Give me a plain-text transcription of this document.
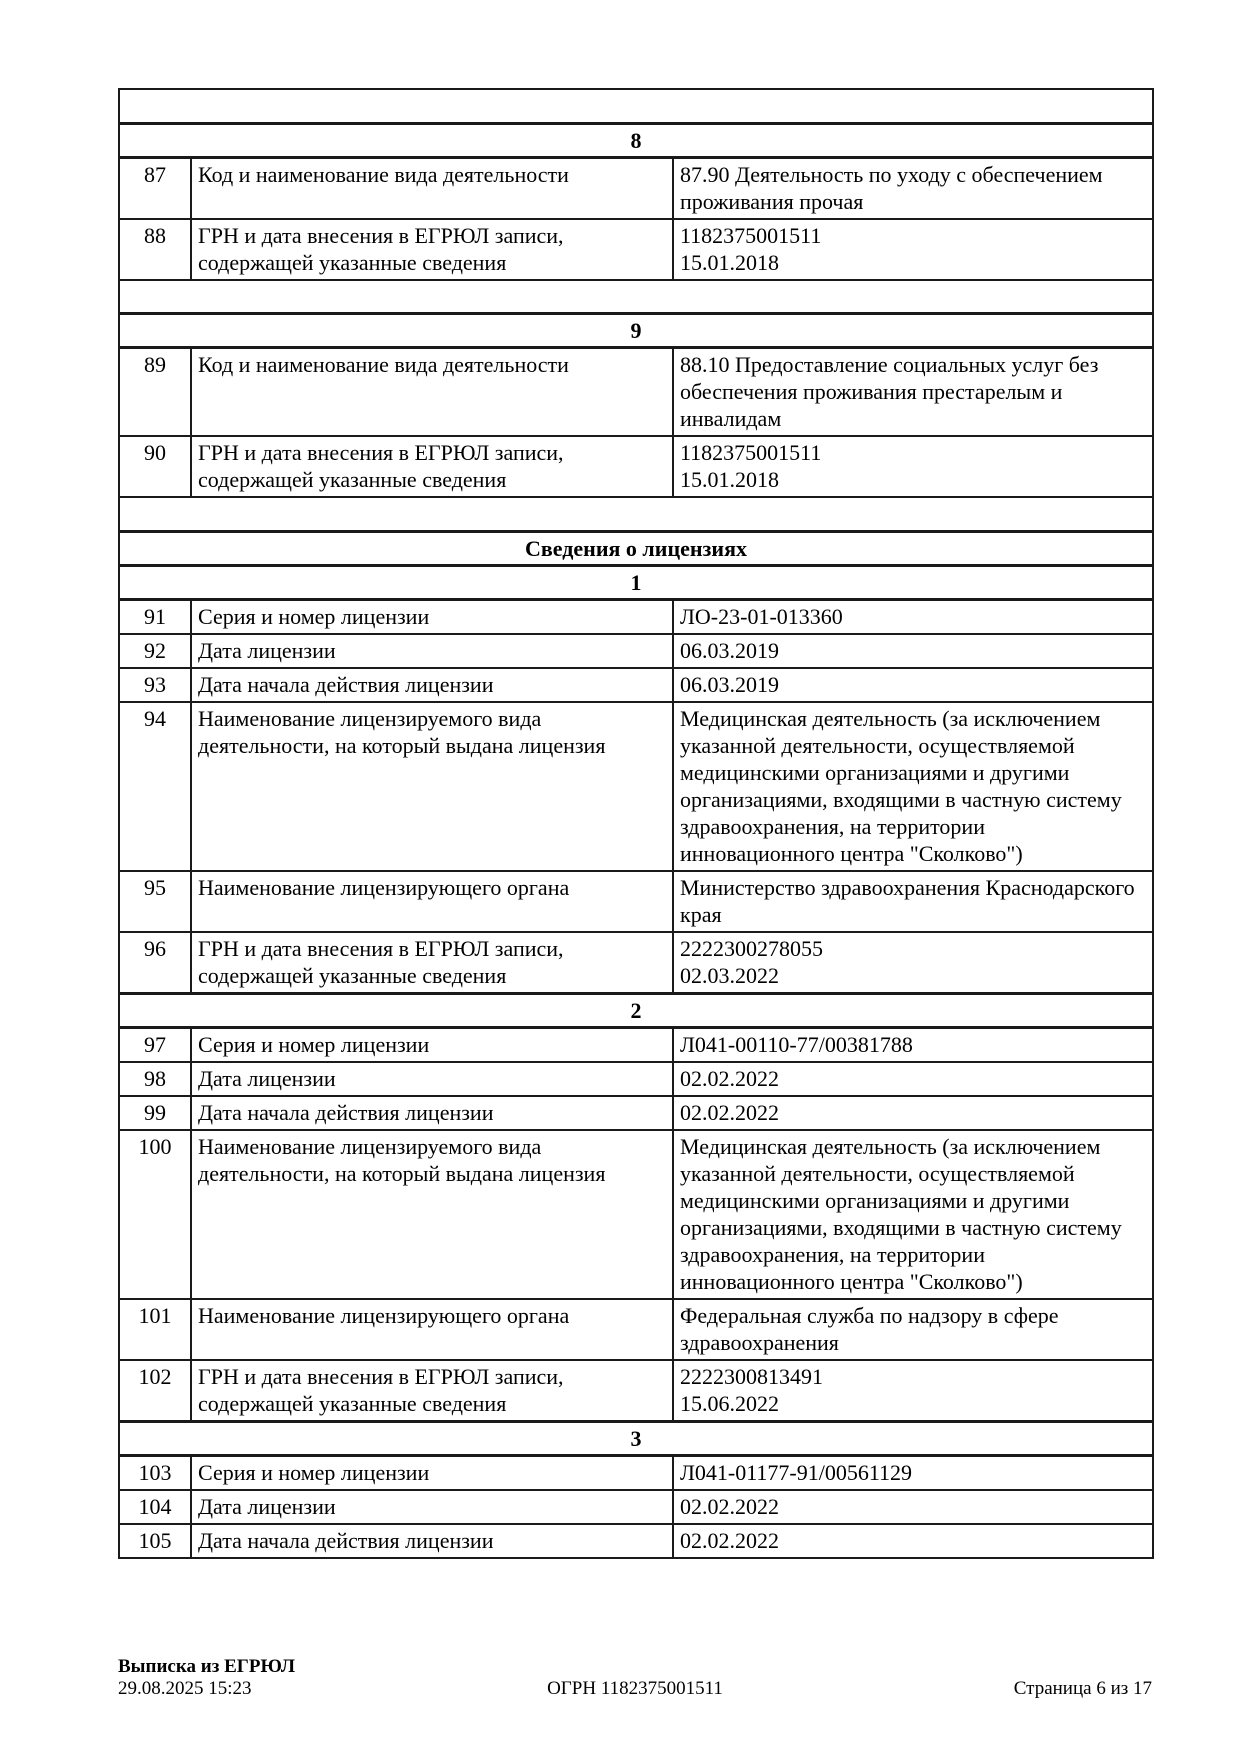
8		
87	Код и наименование вида деятельности	87.90 Деятельность по уходу с обеспечением проживания прочая

88	ГРН и дата внесения в ЕГРЮЛ записи, содержащей указанные сведения	1182375001511
15.01.2018

9		
89	Код и наименование вида деятельности	88.10 Предоставление социальных услуг без обеспечения проживания престарелым и инвалидам

90	ГРН и дата внесения в ЕГРЮЛ записи, содержащей указанные сведения	1182375001511
15.01.2018

Сведения о лицензиях		
1		
91	Серия и номер лицензии	ЛО-23-01-013360

92	Дата лицензии	06.03.2019

93	Дата начала действия лицензии	06.03.2019

94	Наименование лицензируемого вида деятельности, на который выдана лицензия	Медицинская деятельность (за исключением указанной деятельности, осуществляемой медицинскими организациями и другими организациями, входящими в частную систему здравоохранения, на территории инновационного центра "Сколково")

95	Наименование лицензирующего органа	Министерство здравоохранения Краснодарского края

96	ГРН и дата внесения в ЕГРЮЛ записи, содержащей указанные сведения	2222300278055
02.03.2022

2		
97	Серия и номер лицензии	Л041-00110-77/00381788

98	Дата лицензии	02.02.2022

99	Дата начала действия лицензии	02.02.2022

100	Наименование лицензируемого вида деятельности, на который выдана лицензия	Медицинская деятельность (за исключением указанной деятельности, осуществляемой медицинскими организациями и другими организациями, входящими в частную систему здравоохранения, на территории инновационного центра "Сколково")

101	Наименование лицензирующего органа	Федеральная служба по надзору в сфере здравоохранения

102	ГРН и дата внесения в ЕГРЮЛ записи, содержащей указанные сведения	2222300813491
15.06.2022

3		
103	Серия и номер лицензии	Л041-01177-91/00561129

104	Дата лицензии	02.02.2022

105	Дата начала действия лицензии	02.02.2022
Выписка из ЕГРЮЛ
29.08.2025 15:23	ОГРН 1182375001511	Страница 6 из 17
